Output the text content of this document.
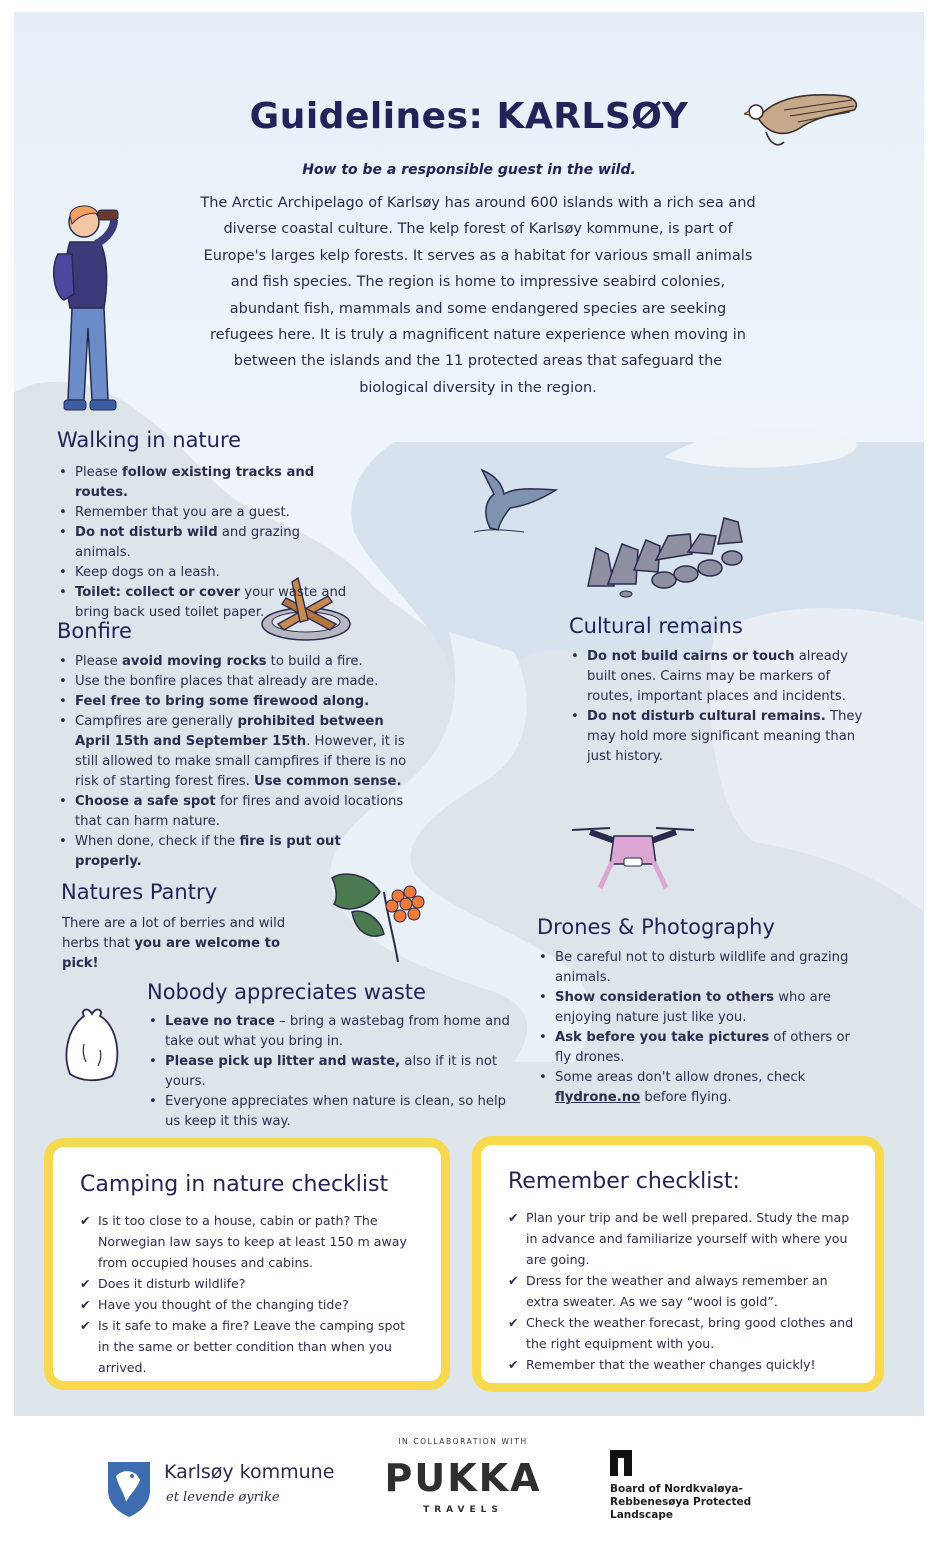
Guidelines: KARLSØY
How to be a responsible guest in the wild.

The Arctic Archipelago of Karlsøy has around 600 islands with a rich sea and diverse coastal culture. The kelp forest of Karlsøy kommune, is part of Europe's larges kelp forests. It serves as a habitat for various small animals and fish species. The region is home to impressive seabird colonies, abundant fish, mammals and some endangered species are seeking refugees here. It is truly a magnificent nature experience when moving in between the islands and the 11 protected areas that safeguard the biological diversity in the region.

Walking in nature
• Please follow existing tracks and routes.
• Remember that you are a guest.
• Do not disturb wild and grazing animals.
• Keep dogs on a leash.
• Toilet: collect or cover your waste and bring back used toilet paper.
Bonfire
• Please avoid moving rocks to build a fire.
• Use the bonfire places that already are made.
• Feel free to bring some firewood along.
• Campfires are generally prohibited between April 15th and September 15th. However, it is still allowed to make small campfires if there is no risk of starting forest fires. Use common sense.
• Choose a safe spot for fires and avoid locations that can harm nature.
• When done, check if the fire is put out properly.
Cultural remains
• Do not build cairns or touch already built ones. Cairns may be markers of routes, important places and incidents.
• Do not disturb cultural remains. They may hold more significant meaning than just history.
Natures Pantry

There are a lot of berries and wild herbs that you are welcome to pick!

Nobody appreciates waste
• Leave no trace – bring a wastebag from home and take out what you bring in.
• Please pick up litter and waste, also if it is not yours.
• Everyone appreciates when nature is clean, so help us keep it this way.
Drones & Photography
• Be careful not to disturb wildlife and grazing animals.
• Show consideration to others who are enjoying nature just like you.
• Ask before you take pictures of others or fly drones.
• Some areas don't allow drones, check flydrone.no before flying.
Camping in nature checklist
✔ Is it too close to a house, cabin or path? The Norwegian law says to keep at least 150 m away from occupied houses and cabins.
✔ Does it disturb wildlife?
✔ Have you thought of the changing tide?
✔ Is it safe to make a fire? Leave the camping spot in the same or better condition than when you arrived.
Remember checklist:
✔ Plan your trip and be well prepared. Study the map in advance and familiarize yourself with where you are going.
✔ Dress for the weather and always remember an extra sweater. As we say “wool is gold”.
✔ Check the weather forecast, bring good clothes and the right equipment with you.
✔ Remember that the weather changes quickly!
Karlsøy kommune
et levende øyrike
IN COLLABORATION WITH
PUKKA
TRAVELS
Board of Nordkvaløya-Rebbenesøya Protected Landscape
